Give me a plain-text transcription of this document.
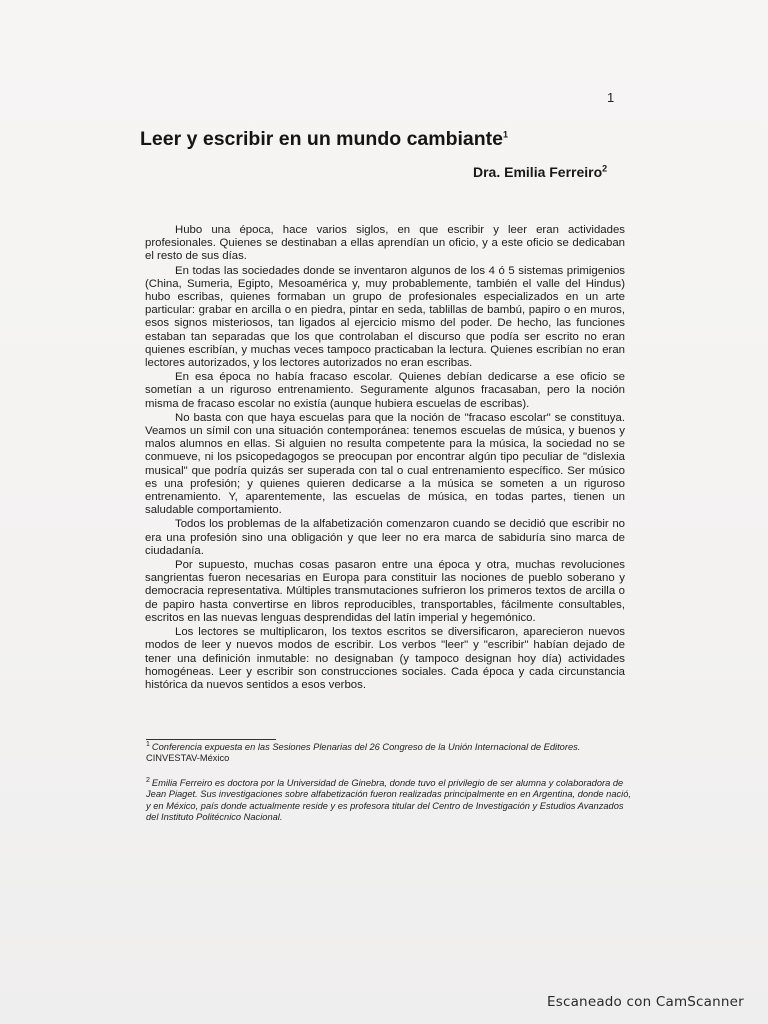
1
Leer y escribir en un mundo cambiante$^1$
Dra. Emilia Ferreiro$^2$

Hubo una época, hace varios siglos, en que escribir y leer eran actividades profesionales. Quienes se destinaban a ellas aprendían un oficio, y a este oficio se dedicaban el resto de sus días.

En todas las sociedades donde se inventaron algunos de los 4 ó 5 sistemas primigenios (China, Sumeria, Egipto, Mesoamérica y, muy probablemente, también el valle del Hindus) hubo escribas, quienes formaban un grupo de profesionales especializados en un arte particular: grabar en arcilla o en piedra, pintar en seda, tablillas de bambú, papiro o en muros, esos signos misteriosos, tan ligados al ejercicio mismo del poder. De hecho, las funciones estaban tan separadas que los que controlaban el discurso que podía ser escrito no eran quienes escribían, y muchas veces tampoco practicaban la lectura. Quienes escribían no eran lectores autorizados, y los lectores autorizados no eran escribas.

En esa época no había fracaso escolar. Quienes debían dedicarse a ese oficio se sometían a un riguroso entrenamiento. Seguramente algunos fracasaban, pero la noción misma de fracaso escolar no existía (aunque hubiera escuelas de escribas).

No basta con que haya escuelas para que la noción de "fracaso escolar" se constituya. Veamos un símil con una situación contemporánea: tenemos escuelas de música, y buenos y malos alumnos en ellas. Si alguien no resulta competente para la música, la sociedad no se conmueve, ni los psicopedagogos se preocupan por encontrar algún tipo peculiar de "dislexia musical" que podría quizás ser superada con tal o cual entrenamiento específico. Ser músico es una profesión; y quienes quieren dedicarse a la música se someten a un riguroso entrenamiento. Y, aparentemente, las escuelas de música, en todas partes, tienen un saludable comportamiento.

Todos los problemas de la alfabetización comenzaron cuando se decidió que escribir no era una profesión sino una obligación y que leer no era marca de sabiduría sino marca de ciudadanía.

Por supuesto, muchas cosas pasaron entre una época y otra, muchas revoluciones sangrientas fueron necesarias en Europa para constituir las nociones de pueblo soberano y democracia representativa. Múltiples transmutaciones sufrieron los primeros textos de arcilla o de papiro hasta convertirse en libros reproducibles, transportables, fácilmente consultables, escritos en las nuevas lenguas desprendidas del latín imperial y hegemónico.

Los lectores se multiplicaron, los textos escritos se diversificaron, aparecieron nuevos modos de leer y nuevos modos de escribir. Los verbos "leer" y "escribir" habían dejado de tener una definición inmutable: no designaban (y tampoco designan hoy día) actividades homogéneas. Leer y escribir son construcciones sociales. Cada época y cada circunstancia histórica da nuevos sentidos a esos verbos.

$^1$ Conferencia expuesta en las Sesiones Plenarias del 26 Congreso de la Unión Internacional de Editores.
CINVESTAV-México
$^2$ Emilia Ferreiro es doctora por la Universidad de Ginebra, donde tuvo el privilegio de ser alumna y colaboradora de Jean Piaget. Sus investigaciones sobre alfabetización fueron realizadas principalmente en en Argentina, donde nació, y en México, país donde actualmente reside y es profesora titular del Centro de Investigación y Estudios Avanzados del Instituto Politécnico Nacional.
Escaneado con CamScanner
